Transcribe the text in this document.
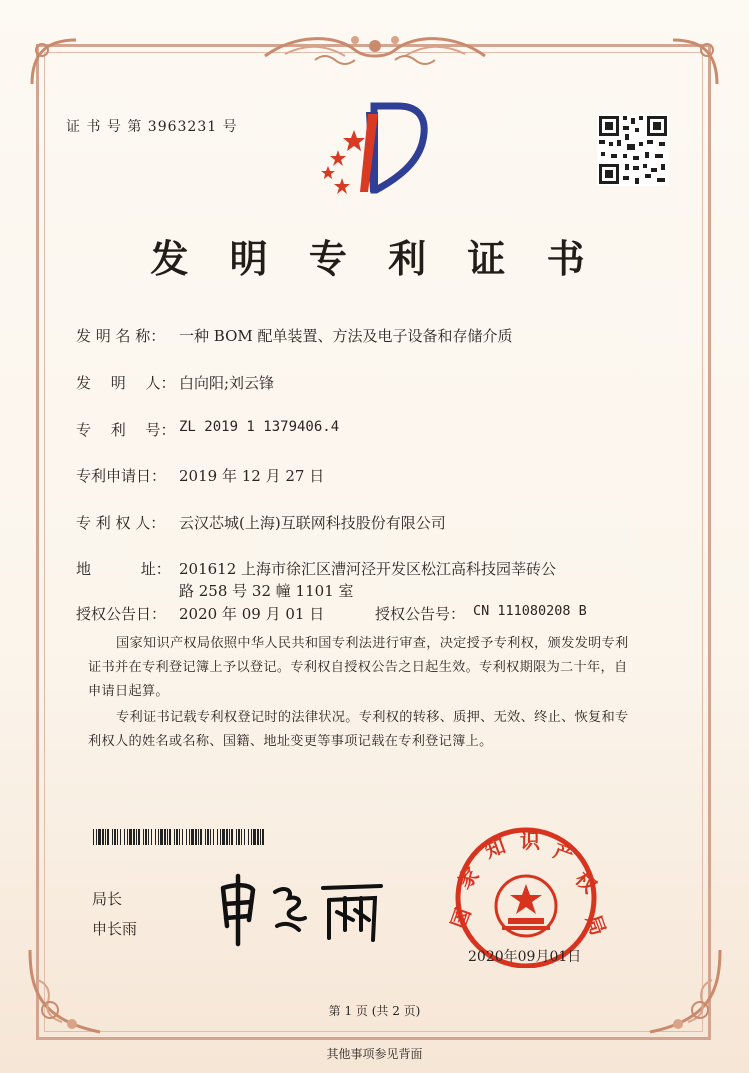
证 书 号 第 3963231 号
发 明 专 利 证 书
发 明 名 称： 一种 BOM 配单装置、方法及电子设备和存储介质
发　 明　 人： 白向阳;刘云锋
专　 利　 号： ZL 2019 1 1379406.4
专利申请日： 2019 年 12 月 27 日
专 利 权 人： 云汉芯城(上海)互联网科技股份有限公司
地　　　 址： 201612 上海市徐汇区漕河泾开发区松江高科技园莘砖公
路 258 号 32 幢 1101 室
授权公告日： 2020 年 09 月 01 日	授权公告号： CN 111080208 B
国家知识产权局依照中华人民共和国专利法进行审查，决定授予专利权，颁发发明专利
证书并在专利登记簿上予以登记。专利权自授权公告之日起生效。专利权期限为二十年，自
申请日起算。
专利证书记载专利权登记时的法律状况。专利权的转移、质押、无效、终止、恢复和专
利权人的姓名或名称、国籍、地址变更等事项记载在专利登记簿上。
局长
申长雨	国
家
知 识 产
权
局
2020年09月01日
第 1 页 (共 2 页)
其他事项参见背面
